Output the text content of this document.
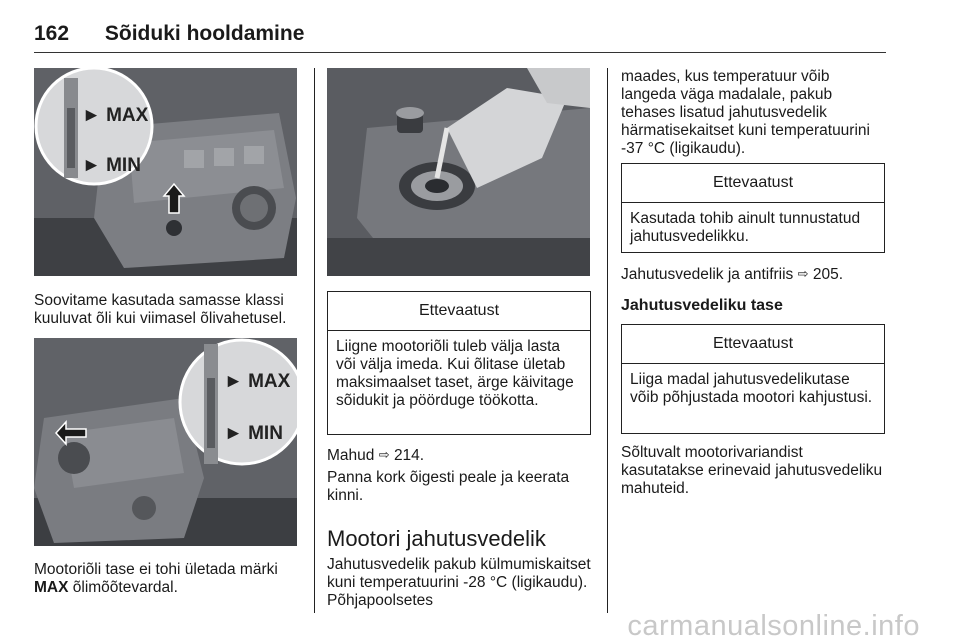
162 Sõiduki hooldamine
► MAX
► MIN

Soovitame kasutada samasse klassi kuuluvat õli kui viimasel õlivahetusel.

► MAX
► MIN

Mootoriõli tase ei tohi ületada märki
MAX õlimõõtevardal.

Ettevaatust
Liigne mootoriõli tuleb välja lasta või välja imeda. Kui õlitase ületab maksimaalset taset, ärge käivitage sõidukit ja pöörduge töökotta.

Mahud ⇨ 214.

Panna kork õigesti peale ja keerata kinni.

Mootori jahutusvedelik

Jahutusvedelik pakub külmumiskaitset kuni temperatuurini -28 °C (ligikaudu). Põhjapoolsetes

maades, kus temperatuur võib langeda väga madalale, pakub tehases lisatud jahutusvedelik härmatisekaitset kuni temperatuurini -37 °C (ligikaudu).

Ettevaatust
Kasutada tohib ainult tunnustatud jahutusvedelikku.

Jahutusvedelik ja antifriis ⇨ 205.

Jahutusvedeliku tase
Ettevaatust
Liiga madal jahutusvedelikutase võib põhjustada mootori kahjustusi.

Sõltuvalt mootorivariandist kasutatakse erinevaid jahutusvedeliku mahuteid.

carmanualsonline.info
